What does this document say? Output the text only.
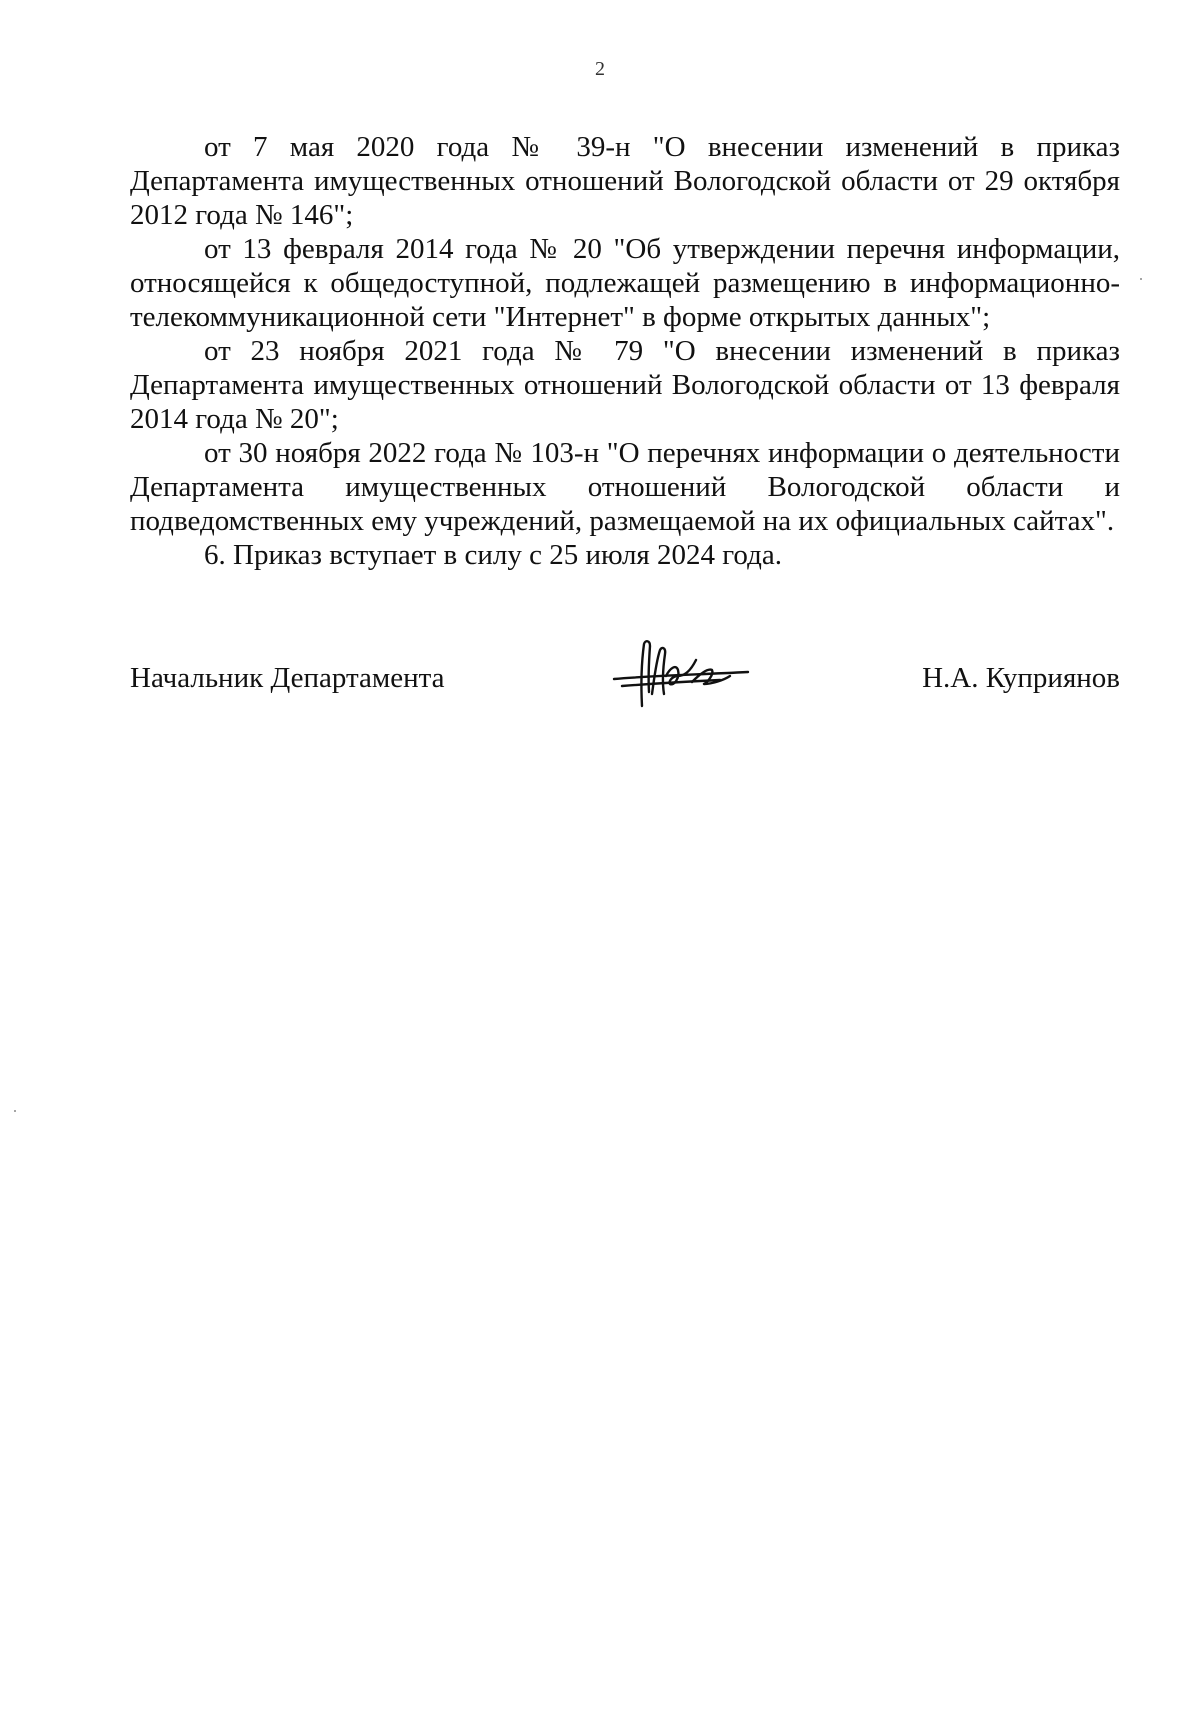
2

от 7 мая 2020 года № 39-н "О внесении изменений в приказ Департамента имущественных отношений Вологодской области от 29 октября 2012 года № 146";

от 13 февраля 2014 года № 20 "Об утверждении перечня информации, относящейся к общедоступной, подлежащей размещению в информационно-телекоммуникационной сети "Интернет" в форме открытых данных";

от 23 ноября 2021 года № 79 "О внесении изменений в приказ Департамента имущественных отношений Вологодской области от 13 февраля 2014 года № 20";

от 30 ноября 2022 года № 103-н "О перечнях информации о деятельности Департамента имущественных отношений Вологодской области и подведомственных ему учреждений, размещаемой на их официальных сайтах".

6. Приказ вступает в силу с 25 июля 2024 года.

Начальник Департамента	Н.А. Куприянов
